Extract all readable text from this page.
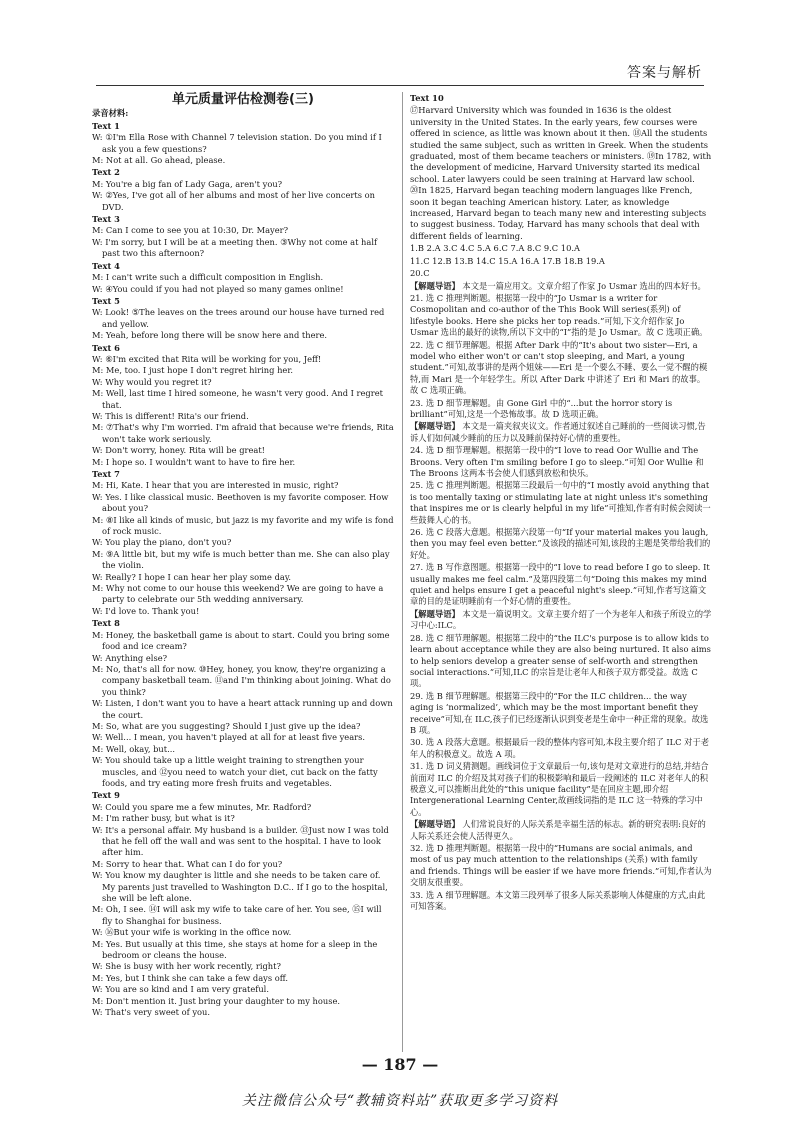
答案与解析
单元质量评估检测卷(三)
录音材料:
Text 1
W: ①I'm Ella Rose with Channel 7 television station. Do you mind if I ask you a few questions?
M: Not at all. Go ahead, please.
Text 2
M: You're a big fan of Lady Gaga, aren't you?
W: ②Yes, I've got all of her albums and most of her live concerts on DVD.
Text 3
M: Can I come to see you at 10:30, Dr. Mayer?
W: I'm sorry, but I will be at a meeting then. ③Why not come at half past two this afternoon?
Text 4
M: I can't write such a difficult composition in English.
W: ④You could if you had not played so many games online!
Text 5
W: Look! ⑤The leaves on the trees around our house have turned red and yellow.
M: Yeah, before long there will be snow here and there.
Text 6
W: ⑥I'm excited that Rita will be working for you, Jeff!
M: Me, too. I just hope I don't regret hiring her.
W: Why would you regret it?
M: Well, last time I hired someone, he wasn't very good. And I regret that.
W: This is different! Rita's our friend.
M: ⑦That's why I'm worried. I'm afraid that because we're friends, Rita won't take work seriously.
W: Don't worry, honey. Rita will be great!
M: I hope so. I wouldn't want to have to fire her.
Text 7
M: Hi, Kate. I hear that you are interested in music, right?
W: Yes. I like classical music. Beethoven is my favorite composer. How about you?
M: ⑧I like all kinds of music, but jazz is my favorite and my wife is fond of rock music.
W: You play the piano, don't you?
M: ⑨A little bit, but my wife is much better than me. She can also play the violin.
W: Really? I hope I can hear her play some day.
M: Why not come to our house this weekend? We are going to have a party to celebrate our 5th wedding anniversary.
W: I'd love to. Thank you!
Text 8
M: Honey, the basketball game is about to start. Could you bring some food and ice cream?
W: Anything else?
M: No, that's all for now. ⑩Hey, honey, you know, they're organizing a company basketball team. ⑪and I'm thinking about joining. What do you think?
W: Listen, I don't want you to have a heart attack running up and down the court.
M: So, what are you suggesting? Should I just give up the idea?
W: Well... I mean, you haven't played at all for at least five years.
M: Well, okay, but...
W: You should take up a little weight training to strengthen your muscles, and ⑫you need to watch your diet, cut back on the fatty foods, and try eating more fresh fruits and vegetables.
Text 9
W: Could you spare me a few minutes, Mr. Radford?
M: I'm rather busy, but what is it?
W: It's a personal affair. My husband is a builder. ⑬Just now I was told that he fell off the wall and was sent to the hospital. I have to look after him.
M: Sorry to hear that. What can I do for you?
W: You know my daughter is little and she needs to be taken care of. My parents just travelled to Washington D.C.. If I go to the hospital, she will be left alone.
M: Oh, I see. ⑭I will ask my wife to take care of her. You see, ⑮I will fly to Shanghai for business.
W: ⑯But your wife is working in the office now.
M: Yes. But usually at this time, she stays at home for a sleep in the bedroom or cleans the house.
W: She is busy with her work recently, right?
M: Yes, but I think she can take a few days off.
W: You are so kind and I am very grateful.
M: Don't mention it. Just bring your daughter to my house.
W: That's very sweet of you.
Text 10
⑰Harvard University which was founded in 1636 is the oldest university in the United States. In the early years, few courses were offered in science, as little was known about it then. ⑱All the students studied the same subject, such as written in Greek. When the students graduated, most of them became teachers or ministers. ⑲In 1782, with the development of medicine, Harvard University started its medical school. Later lawyers could be seen training at Harvard law school. ⑳In 1825, Harvard began teaching modern languages like French, soon it began teaching American history. Later, as knowledge increased, Harvard began to teach many new and interesting subjects to suggest business. Today, Harvard has many schools that deal with different fields of learning.
1.B 2.A 3.C 4.C 5.A 6.C 7.A 8.C 9.C 10.A
11.C 12.B 13.B 14.C 15.A 16.A 17.B 18.B 19.A
20.C
【解题导语】 本文是一篇应用文。文章介绍了作家 Jo Usmar 选出的四本好书。
21. 选 C 推理判断题。根据第一段中的“Jo Usmar is a writer for Cosmopolitan and co-author of the This Book Will series(系列) of lifestyle books. Here she picks her top reads.”可知,下文介绍作家 Jo Usmar 选出的最好的读物,所以下文中的“I”指的是 Jo Usmar。故 C 选项正确。
22. 选 C 细节理解题。根据 After Dark 中的“It's about two sister—Eri, a model who either won't or can't stop sleeping, and Mari, a young student.”可知,故事讲的是两个姐妹——Eri 是一个要么不睡、要么一觉不醒的模特,而 Mari 是一个年轻学生。所以 After Dark 中讲述了 Eri 和 Mari 的故事。故 C 选项正确。
23. 选 D 细节理解题。由 Gone Girl 中的“...but the horror story is brilliant”可知,这是一个恐怖故事。故 D 选项正确。
【解题导语】 本文是一篇夹叙夹议文。作者通过叙述自己睡前的一些阅读习惯,告诉人们如何减少睡前的压力以及睡前保持好心情的重要性。
24. 选 D 细节理解题。根据第一段中的“I love to read Oor Wullie and The Broons. Very often I'm smiling before I go to sleep.”可知 Oor Wullie 和 The Broons 这两本书会使人们感到放松和快乐。
25. 选 C 推理判断题。根据第三段最后一句中的“I mostly avoid anything that is too mentally taxing or stimulating late at night unless it's something that inspires me or is clearly helpful in my life”可推知,作者有时候会阅读一些鼓舞人心的书。
26. 选 C 段落大意题。根据第六段第一句“If your material makes you laugh, then you may feel even better.”及该段的描述可知,该段的主题是笑带给我们的好处。
27. 选 B 写作意图题。根据第一段中的“I love to read before I go to sleep. It usually makes me feel calm.”及第四段第二句“Doing this makes my mind quiet and helps ensure I get a peaceful night's sleep.”可知,作者写这篇文章的目的是证明睡前有一个好心情的重要性。
【解题导语】 本文是一篇说明文。文章主要介绍了一个为老年人和孩子所设立的学习中心:ILC。
28. 选 C 细节理解题。根据第二段中的“the ILC's purpose is to allow kids to learn about acceptance while they are also being nurtured. It also aims to help seniors develop a greater sense of self-worth and strengthen social interactions.”可知,ILC 的宗旨是让老年人和孩子双方都受益。故选 C 项。
29. 选 B 细节理解题。根据第三段中的“For the ILC children... the way aging is ‘normalized’, which may be the most important benefit they receive”可知,在 ILC,孩子们已经逐渐认识到变老是生命中一种正常的现象。故选 B 项。
30. 选 A 段落大意题。根据最后一段的整体内容可知,本段主要介绍了 ILC 对于老年人的积极意义。故选 A 项。
31. 选 D 词义猜测题。画线词位于文章最后一句,该句是对文章进行的总结,并结合前面对 ILC 的介绍及其对孩子们的积极影响和最后一段阐述的 ILC 对老年人的积极意义,可以推断出此处的“this unique facility”是在回应主题,即介绍 Intergenerational Learning Center,故画线词指的是 ILC 这一特殊的学习中心。
【解题导语】 人们常说良好的人际关系是幸福生活的标志。新的研究表明:良好的人际关系还会使人活得更久。
32. 选 D 推理判断题。根据第一段中的“Humans are social animals, and most of us pay much attention to the relationships (关系) with family and friends. Things will be easier if we have more friends.”可知,作者认为交朋友很重要。
33. 选 A 细节理解题。本文第三段列举了很多人际关系影响人体健康的方式,由此可知答案。
— 187 —
关注微信公众号“教辅资料站”获取更多学习资料
